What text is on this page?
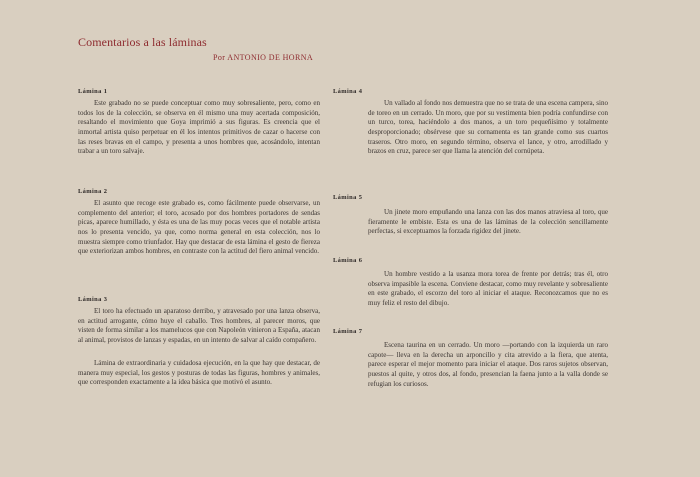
Comentarios a las láminas
Por ANTONIO DE HORNA
Lámina 1

Este grabado no se puede conceptuar como muy sobresaliente, pero, como en todos los de la colección, se observa en él mismo una muy acertada composición, resaltando el movimiento que Goya imprimió a sus figuras. Es creencia que el inmortal artista quiso perpetuar en él los intentos primitivos de cazar o hacerse con las reses bravas en el campo, y presenta a unos hombres que, acosándolo, intentan trabar a un toro salvaje.

Lámina 2

El asunto que recoge este grabado es, como fácilmente puede observarse, un complemento del anterior; el toro, acosado por dos hombres portadores de sendas picas, aparece humillado, y ésta es una de las muy pocas veces que el notable artista nos lo presenta vencido, ya que, como norma general en esta colección, nos lo muestra siempre como triunfador. Hay que destacar de esta lámina el gesto de fiereza que exteriorizan ambos hombres, en contraste con la actitud del fiero animal vencido.

Lámina 3

El toro ha efectuado un aparatoso derribo, y atravesado por una lanza observa, en actitud arrogante, cómo huye el caballo. Tres hombres, al parecer moros, que visten de forma similar a los mamelucos que con Napoleón vinieron a España, atacan al animal, provistos de lanzas y espadas, en un intento de salvar al caído compañero.

Lámina de extraordinaria y cuidadosa ejecución, en la que hay que destacar, de manera muy especial, los gestos y posturas de todas las figuras, hombres y animales, que corresponden exactamente a la idea básica que motivó el asunto.

Lámina 4

Un vallado al fondo nos demuestra que no se trata de una escena campera, sino de toreo en un cerrado. Un moro, que por su vestimenta bien podría confundirse con un turco, torea, haciéndolo a dos manos, a un toro pequeñísimo y totalmente desproporcionado; obsérvese que su cornamenta es tan grande como sus cuartos traseros. Otro moro, en segundo término, observa el lance, y otro, arrodillado y brazos en cruz, parece ser que llama la atención del cornúpeta.

Lámina 5

Un jinete moro empuñando una lanza con las dos manos atraviesa al toro, que fieramente le embiste. Esta es una de las láminas de la colección sencillamente perfectas, si exceptuamos la forzada rigidez del jinete.

Lámina 6

Un hombre vestido a la usanza mora torea de frente por detrás; tras él, otro observa impasible la escena. Conviene destacar, como muy revelante y sobresaliente en este grabado, el escorzo del toro al iniciar el ataque. Reconozcamos que no es muy feliz el resto del dibujo.

Lámina 7

Escena taurina en un cerrado. Un moro —portando con la izquierda un raro capote— lleva en la derecha un arponcillo y cita atrevido a la fiera, que atenta, parece esperar el mejor momento para iniciar el ataque. Dos raros sujetos observan, puestos al quite, y otros dos, al fondo, presencian la faena junto a la valla donde se refugian los curiosos.
